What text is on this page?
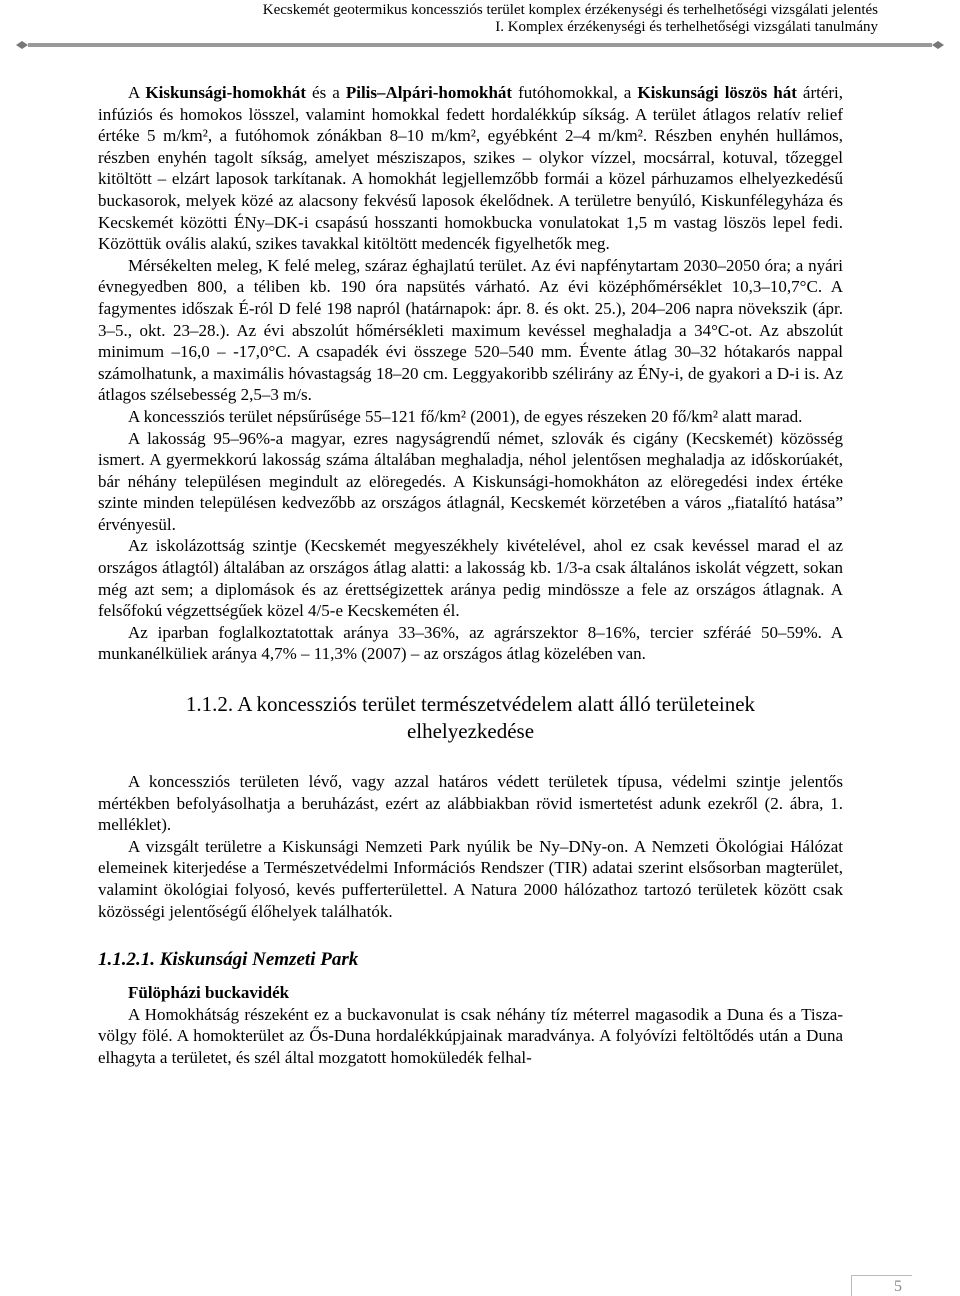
Kecskemét geotermikus koncessziós terület komplex érzékenységi és terhelhetőségi vizsgálati jelentés
I. Komplex érzékenységi és terhelhetőségi vizsgálati tanulmány

A Kiskunsági-homokhát és a Pilis–Alpári-homokhát futóhomokkal, a Kiskunsági löszös hát ártéri, infúziós és homokos lösszel, valamint homokkal fedett hordalékkúp síkság. A terület átlagos relatív relief értéke 5 m/km², a futóhomok zónákban 8–10 m/km², egyébként 2–4 m/km². Részben enyhén hullámos, részben enyhén tagolt síkság, amelyet mésziszapos, szikes – olykor vízzel, mocsárral, kotuval, tőzeggel kitöltött – elzárt laposok tarkítanak. A homokhát legjellemzőbb formái a közel párhuzamos elhelyezkedésű buckasorok, melyek közé az alacsony fekvésű laposok ékelődnek. A területre benyúló, Kiskunfélegyháza és Kecskemét közötti ÉNy–DK-i csapású hosszanti homokbucka vonulatokat 1,5 m vastag löszös lepel fedi. Közöttük ovális alakú, szikes tavakkal kitöltött medencék figyelhetők meg.

Mérsékelten meleg, K felé meleg, száraz éghajlatú terület. Az évi napfénytartam 2030–2050 óra; a nyári évnegyedben 800, a téliben kb. 190 óra napsütés várható. Az évi középhőmérséklet 10,3–10,7°C. A fagymentes időszak É-ról D felé 198 napról (határnapok: ápr. 8. és okt. 25.), 204–206 napra növekszik (ápr. 3–5., okt. 23–28.). Az évi abszolút hőmérsékleti maximum kevéssel meghaladja a 34°C-ot. Az abszolút minimum –16,0 – -17,0°C. A csapadék évi összege 520–540 mm. Évente átlag 30–32 hótakarós nappal számolhatunk, a maximális hóvastagság 18–20 cm. Leggyakoribb szélirány az ÉNy-i, de gyakori a D-i is. Az átlagos szélsebesség 2,5–3 m/s.

A koncessziós terület népsűrűsége 55–121 fő/km² (2001), de egyes részeken 20 fő/km² alatt marad.

A lakosság 95–96%-a magyar, ezres nagyságrendű német, szlovák és cigány (Kecskemét) közösség ismert. A gyermekkorú lakosság száma általában meghaladja, néhol jelentősen meghaladja az időskorúakét, bár néhány településen megindult az elöregedés. A Kiskunsági-homokháton az elöregedési index értéke szinte minden településen kedvezőbb az országos átlagnál, Kecskemét körzetében a város „fiatalító hatása” érvényesül.

Az iskolázottság szintje (Kecskemét megyeszékhely kivételével, ahol ez csak kevéssel marad el az országos átlagtól) általában az országos átlag alatti: a lakosság kb. 1/3-a csak általános iskolát végzett, sokan még azt sem; a diplomások és az érettségizettek aránya pedig mindössze a fele az országos átlagnak. A felsőfokú végzettségűek közel 4/5-e Kecskeméten él.

Az iparban foglalkoztatottak aránya 33–36%, az agrárszektor 8–16%, tercier szféráé 50–59%. A munkanélküliek aránya 4,7% – 11,3% (2007) – az országos átlag közelében van.

1.1.2. A koncessziós terület természetvédelem alatt álló területeinek
elhelyezkedése

A koncessziós területen lévő, vagy azzal határos védett területek típusa, védelmi szintje jelentős mértékben befolyásolhatja a beruházást, ezért az alábbiakban rövid ismertetést adunk ezekről (2. ábra, 1. melléklet).

A vizsgált területre a Kiskunsági Nemzeti Park nyúlik be Ny–DNy-on. A Nemzeti Ökológiai Hálózat elemeinek kiterjedése a Természetvédelmi Információs Rendszer (TIR) adatai szerint elsősorban magterület, valamint ökológiai folyosó, kevés pufferterülettel. A Natura 2000 hálózathoz tartozó területek között csak közösségi jelentőségű élőhelyek találhatók.

1.1.2.1. Kiskunsági Nemzeti Park
Fülöpházi buckavidék

A Homokhátság részeként ez a buckavonulat is csak néhány tíz méterrel magasodik a Duna és a Tisza-völgy fölé. A homokterület az Ős-Duna hordalékkúpjainak maradványa. A folyóvízi feltöltődés után a Duna elhagyta a területet, és szél által mozgatott homoküledék felhal-

5
